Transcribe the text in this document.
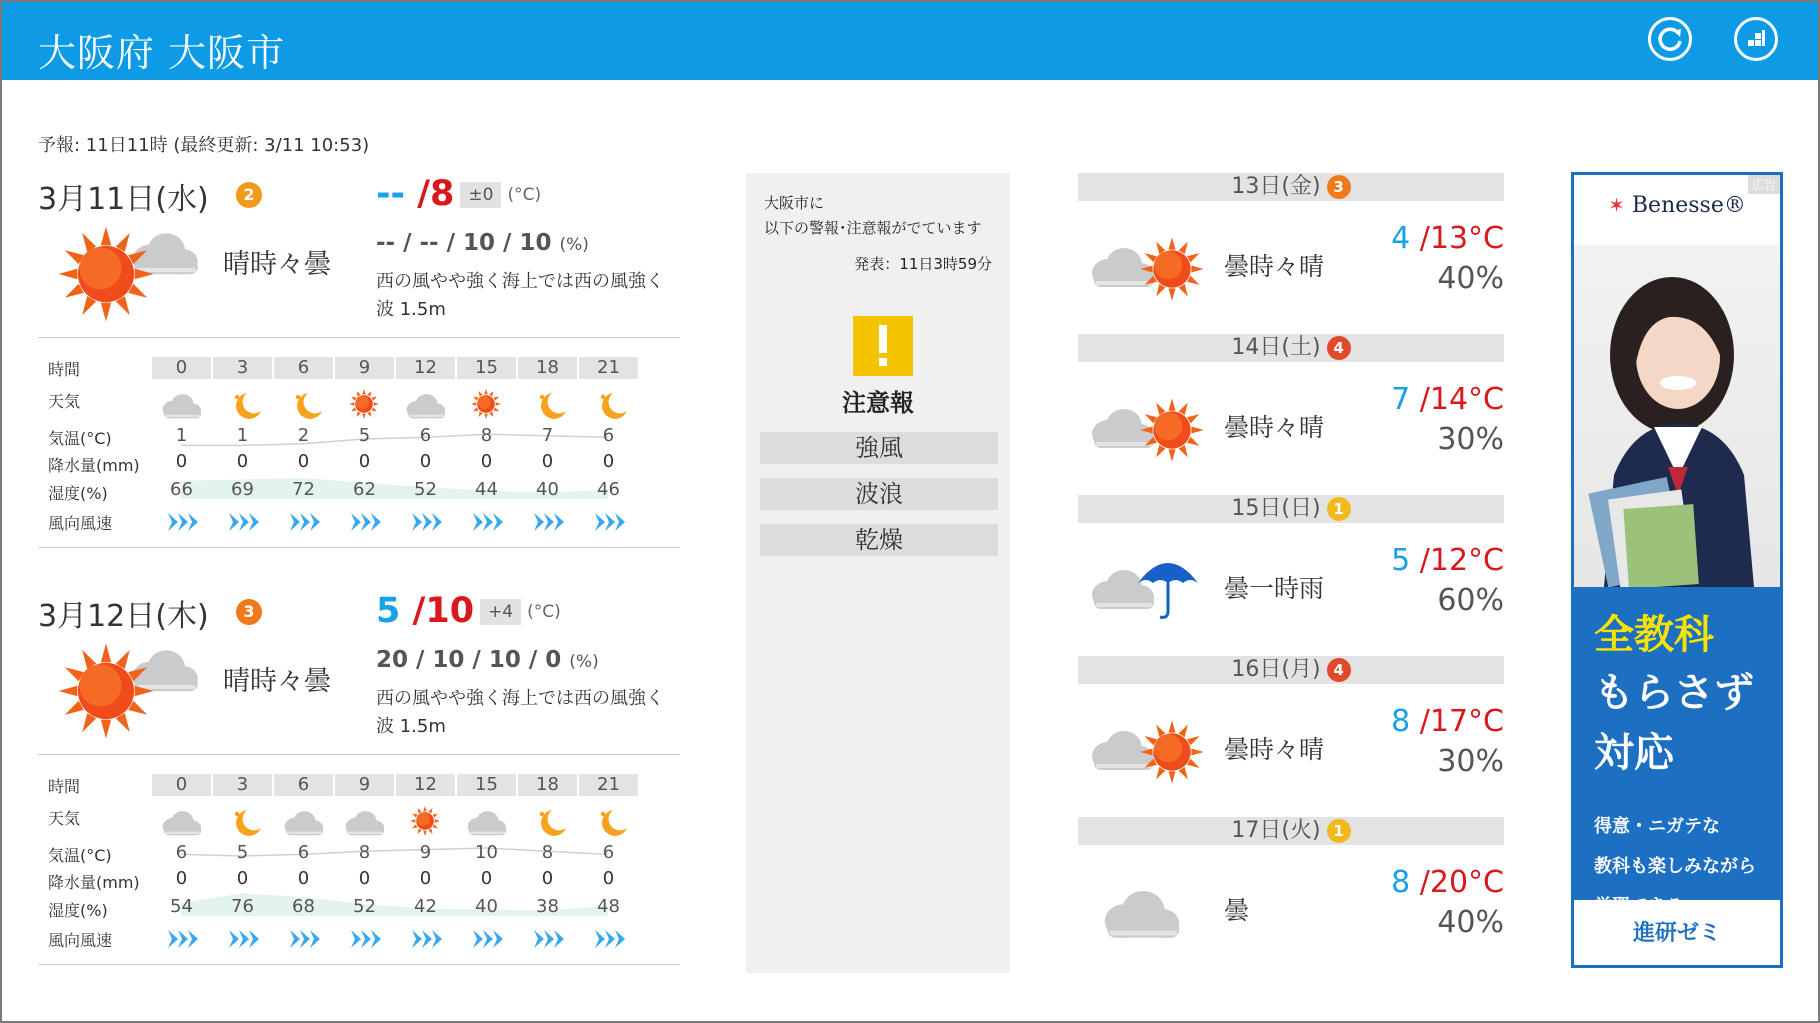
大阪府 大阪市
予報: 11日11時 (最終更新: 3/11 10:53)
3月11日(水)	2
晴時々曇
-- /8 ±0 (°C)
-- / -- / 10 / 10 (%)
西の風やや強く海上では西の風強く
波 1.5m
時間
天気
気温(°C)
降水量(mm)
湿度(%)
風向風速
0
1
0
66
3
1
0
69
6
2
0
72
9
5
0
62
12
6
0
52
15
8
0
44
18
7
0
40
21
6
0
46
3月12日(木)	3
晴時々曇
5 /10 +4 (°C)
20 / 10 / 10 / 0 (%)
西の風やや強く海上では西の風強く
波 1.5m
時間
天気
気温(°C)
降水量(mm)
湿度(%)
風向風速
0
6
0
54
3
5
0
76
6
6
0
68
9
8
0
52
12
9
0
42
15
10
0
40
18
8
0
38
21
6
0
48
大阪市に
以下の警報･注意報がでています
発表：11日3時59分
注意報
強風
波浪
乾燥
13日(金) 3
曇時々晴
4 /13°C
40%
14日(土) 4
曇時々晴
7 /14°C
30%
15日(日) 1
曇一時雨
5 /12°C
60%
16日(月) 4
曇時々晴
8 /17°C
30%
17日(火) 1
曇
8 /20°C
40%
広告
✶ Benesse®
全教科
もらさず
対応
得意・ニガテな
教科も楽しみながら
学習できる
進研ゼミ
